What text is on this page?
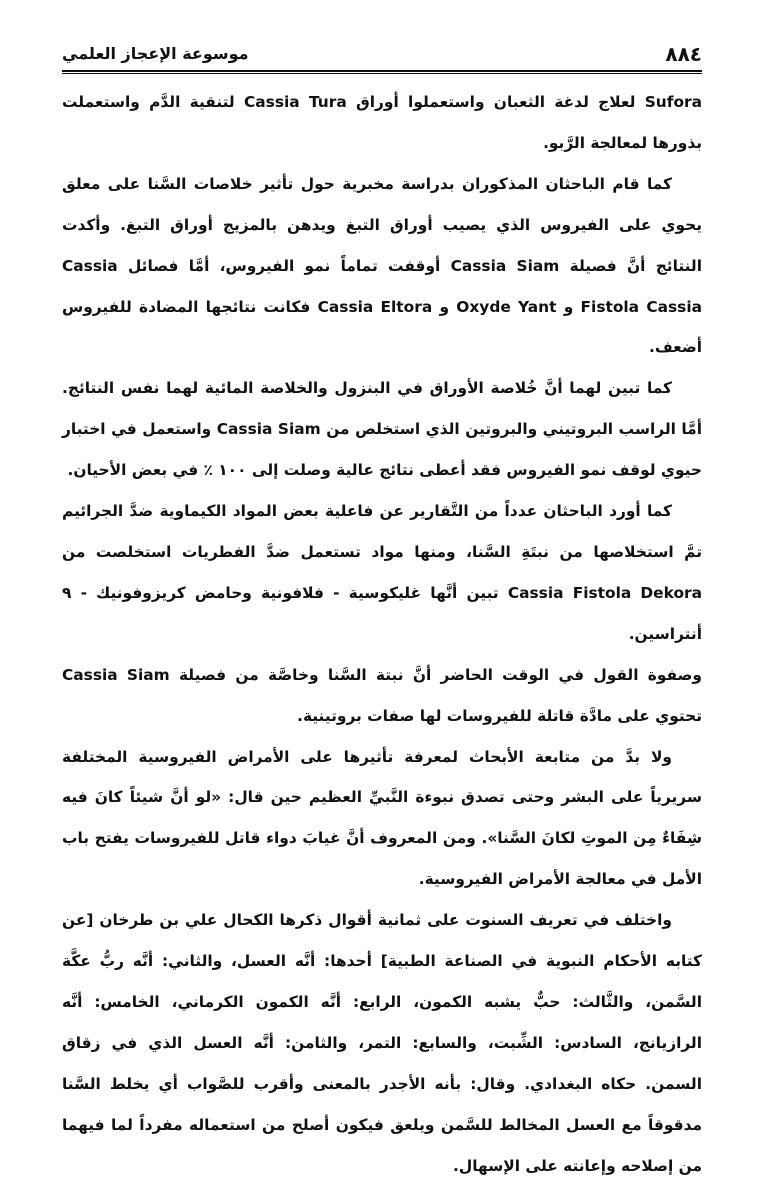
٨٨٤
موسوعة الإعجاز العلمي

Sufora لعلاج لدغة الثعبان واستعملوا أوراق Cassia Tura لتنقية الدَّم واستعملت بذورها لمعالجة الرَّبو.

كما قام الباحثان المذكوران بدراسة مخبرية حول تأثير خلاصات السَّنا على معلق يحوي على الفيروس الذي يصيب أوراق التبغ ويدهن بالمزيج أوراق التبغ. وأكدت النتائج أنَّ فصيلة Cassia Siam أوقفت تماماً نمو الفيروس، أمَّا فصائل Cassia Fistola Cassia و Oxyde Yant و Cassia Eltora فكانت نتائجها المضادة للفيروس أضعف.

كما تبين لهما أنَّ خُلاصة الأوراق في البنزول والخلاصة المائية لهما نفس النتائج. أمَّا الراسب البروتيني والبروتين الذي استخلص من Cassia Siam واستعمل في اختبار حيوي لوقف نمو الفيروس فقد أعطى نتائج عالية وصلت إلى ١٠٠ ٪ في بعض الأحيان.

كما أورد الباحثان عدداً من التَّقارير عن فاعلية بعض المواد الكيماوية ضدَّ الجرائيم تمَّ استخلاصها من نبتَةِ السَّنا، ومنها مواد تستعمل ضدَّ الفطريات استخلصت من Cassia Fistola Dekora تبين أنَّها غليكوسية - فلافونية وحامض كريزوفونيك - ٩ أنتراسين.

وصفوة القول في الوقت الحاضر أنَّ نبتة السَّنا وخاصَّة من فصيلة Cassia Siam تحتوي على مادَّة قاتلة للفيروسات لها صفات بروتينية.

ولا بدَّ من متابعة الأبحاث لمعرفة تأثيرها على الأمراض الفيروسية المختلفة سريرياً على البشر وحتى تصدق نبوءة النَّبيِّ العظيم حين قال: «لو أنَّ شيئاً كانَ فيه شِفَاءٌ مِن الموتِ لكانَ السَّنا». ومن المعروف أنَّ غيابَ دواء قاتل للفيروسات يفتح باب الأمل في معالجة الأمراض الفيروسية.

واختلف في تعريف السنوت على ثمانية أقوال ذكرها الكحال علي بن طرخان [عن كتابه الأحكام النبوية في الصناعة الطبية] أحدها: أنَّه العسل، والثاني: أنَّه ربُّ عكَّة السَّمن، والثَّالث: حبٌّ يشبه الكمون، الرابع: أنَّه الكمون الكرماني، الخامس: أنَّه الرازيانج، السادس: الشِّبت، والسابع: التمر، والثامن: أنَّه العسل الذي في زقاق السمن. حكاه البغدادي. وقال: بأنه الأجدر بالمعنى وأقرب للصَّواب أي يخلط السَّنا مدقوقاً مع العسل المخالط للسَّمن ويلعق فيكون أصلح من استعماله مفرداً لما فيهما من إصلاحه وإعانته على الإسهال.
